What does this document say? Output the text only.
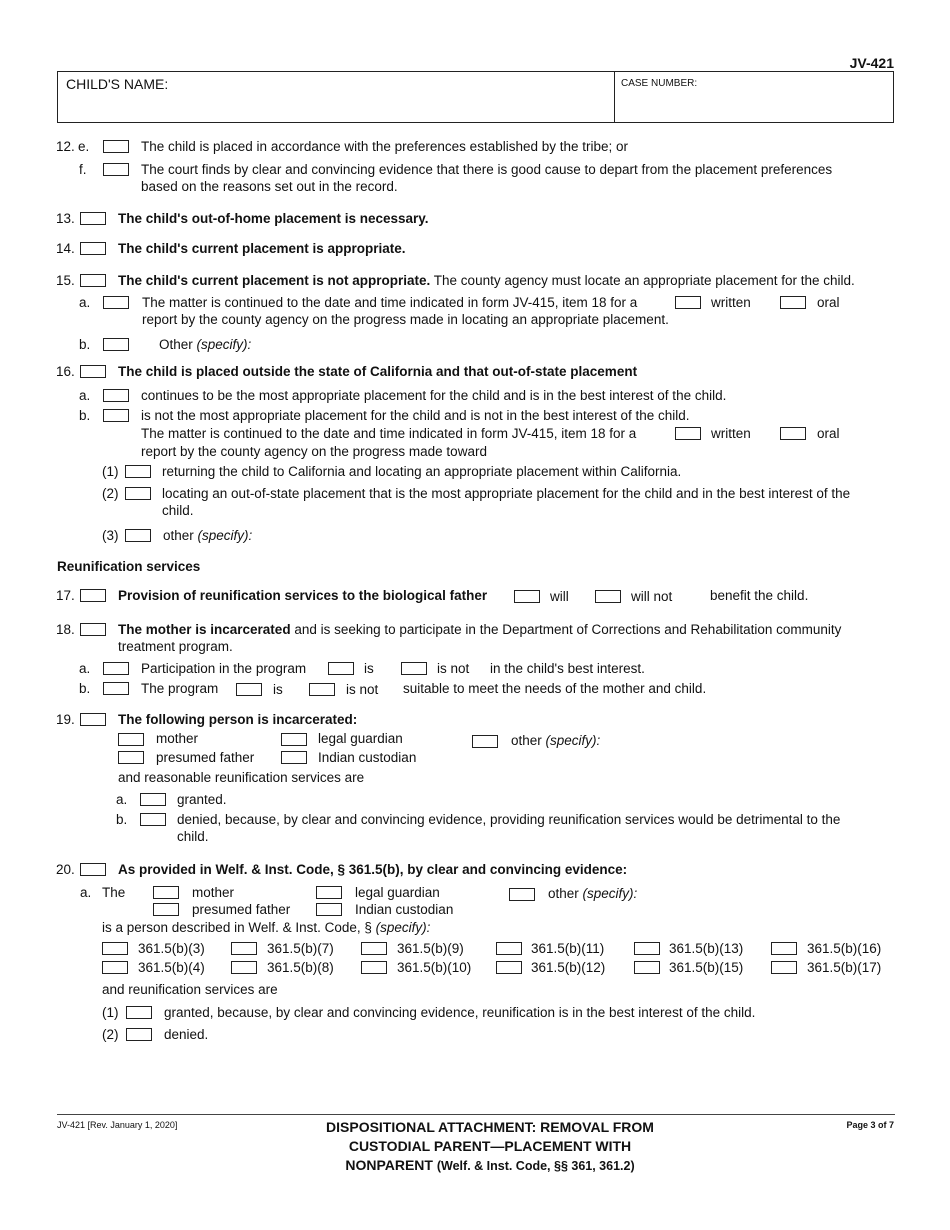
JV-421
CHILD'S NAME:	CASE NUMBER:
12. e.	The child is placed in accordance with the preferences established by the tribe; or
f.	The court finds by clear and convincing evidence that there is good cause to depart from the placement preferences
based on the reasons set out in the record.
13.	The child's out-of-home placement is necessary.
14.	The child's current placement is appropriate.
15.	The child's current placement is not appropriate. The county agency must locate an appropriate placement for the child.
a.	The matter is continued to the date and time indicated in form JV-415, item 18 for a	written	oral
report by the county agency on the progress made in locating an appropriate placement.
b.	Other (specify):
16.	The child is placed outside the state of California and that out-of-state placement
a.	continues to be the most appropriate placement for the child and is in the best interest of the child.
b.	is not the most appropriate placement for the child and is not in the best interest of the child.
The matter is continued to the date and time indicated in form JV-415, item 18 for a	written	oral
report by the county agency on the progress made toward
(1)	returning the child to California and locating an appropriate placement within California.
(2)	locating an out-of-state placement that is the most appropriate placement for the child and in the best interest of the
child.
(3)	other (specify):
Reunification services
17.	Provision of reunification services to the biological father	will	will not	benefit the child.
18.	The mother is incarcerated and is seeking to participate in the Department of Corrections and Rehabilitation community
treatment program.
a.	Participation in the program	is	is not in the child's best interest.
b.	The program	is	is not suitable to meet the needs of the mother and child.
19.	The following person is incarcerated:
mother	legal guardian	other (specify):
presumed father	Indian custodian
and reasonable reunification services are
a.	granted.
b.	denied, because, by clear and convincing evidence, providing reunification services would be detrimental to the
child.
20.	As provided in Welf. & Inst. Code, § 361.5(b), by clear and convincing evidence:
a. The	mother	legal guardian	other (specify):
presumed father	Indian custodian
is a person described in Welf. & Inst. Code, § (specify):
361.5(b)(3)	361.5(b)(7)	361.5(b)(9)	361.5(b)(11)	361.5(b)(13)	361.5(b)(16)
361.5(b)(4)	361.5(b)(8)	361.5(b)(10)	361.5(b)(12)	361.5(b)(15)	361.5(b)(17)
and reunification services are
(1)	granted, because, by clear and convincing evidence, reunification is in the best interest of the child.
(2)	denied.
JV-421 [Rev. January 1, 2020]	DISPOSITIONAL ATTACHMENT: REMOVAL FROM
CUSTODIAL PARENT—PLACEMENT WITH
NONPARENT (Welf. & Inst. Code, §§ 361, 361.2)
Page 3 of 7
